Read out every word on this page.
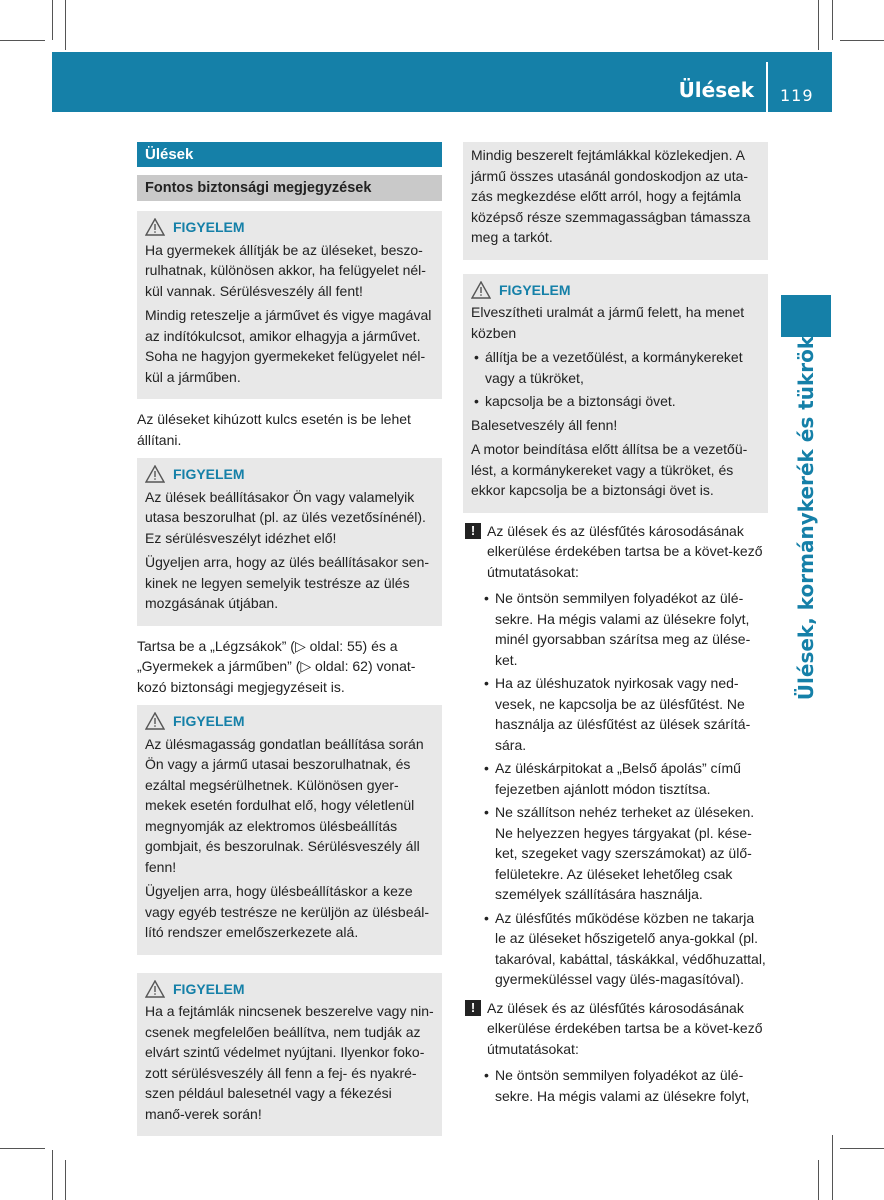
Ülések 119
Ülések, kormánykerék és tükrök
Ülések
Fontos biztonsági megjegyzések
FIGYELEM
Ha gyermekek állítják be az üléseket, beszo-rulhatnak, különösen akkor, ha felügyelet nél-kül vannak. Sérülésveszély áll fent!
Mindig reteszelje a járművet és vigye magával az indítókulcsot, amikor elhagyja a járművet. Soha ne hagyjon gyermekeket felügyelet nél-kül a járműben.
Az üléseket kihúzott kulcs esetén is be lehet állítani.
FIGYELEM
Az ülések beállításakor Ön vagy valamelyik utasa beszorulhat (pl. az ülés vezetősínénél). Ez sérülésveszélyt idézhet elő!
Ügyeljen arra, hogy az ülés beállításakor sen-kinek ne legyen semelyik testrésze az ülés mozgásának útjában.
Tartsa be a „Légzsákok” (▷ oldal: 55) és a „Gyermekek a járműben” (▷ oldal: 62) vonat-kozó biztonsági megjegyzéseit is.
FIGYELEM
Az ülésmagasság gondatlan beállítása során Ön vagy a jármű utasai beszorulhatnak, és ezáltal megsérülhetnek. Különösen gyer-mekek esetén fordulhat elő, hogy véletlenül megnyomják az elektromos ülésbeállítás gombjait, és beszorulnak. Sérülésveszély áll fenn!
Ügyeljen arra, hogy ülésbeállításkor a keze vagy egyéb testrésze ne kerüljön az ülésbeál-lító rendszer emelőszerkezete alá.
FIGYELEM
Ha a fejtámlák nincsenek beszerelve vagy nin-csenek megfelelően beállítva, nem tudják az elvárt szintű védelmet nyújtani. Ilyenkor foko-zott sérülésveszély áll fenn a fej- és nyakré-szen például balesetnél vagy a fékezési manő-verek során!
Mindig beszerelt fejtámlákkal közlekedjen. A jármű összes utasánál gondoskodjon az uta-zás megkezdése előtt arról, hogy a fejtámla középső része szemmagasságban támassza meg a tarkót.
FIGYELEM
Elveszítheti uralmát a jármű felett, ha menet közben
• állítja be a vezetőülést, a kormánykereket vagy a tükröket,
• kapcsolja be a biztonsági övet.
Balesetveszély áll fenn!
A motor beindítása előtt állítsa be a vezetőü-lést, a kormánykereket vagy a tükröket, és ekkor kapcsolja be a biztonsági övet is.
! Az ülések és az ülésfűtés károsodásának elkerülése érdekében tartsa be a követ-kező útmutatásokat:
• Ne öntsön semmilyen folyadékot az ülé-sekre. Ha mégis valami az ülésekre folyt, minél gyorsabban szárítsa meg az ülése-ket.
• Ha az üléshuzatok nyirkosak vagy ned-vesek, ne kapcsolja be az ülésfűtést. Ne használja az ülésfűtést az ülések szárítá-sára.
• Az üléskárpitokat a „Belső ápolás” című fejezetben ajánlott módon tisztítsa.
• Ne szállítson nehéz terheket az üléseken. Ne helyezzen hegyes tárgyakat (pl. kése-ket, szegeket vagy szerszámokat) az ülő-felületekre. Az üléseket lehetőleg csak személyek szállítására használja.
• Az ülésfűtés működése közben ne takarja le az üléseket hőszigetelő anya-gokkal (pl. takaróval, kabáttal, táskákkal, védőhuzattal, gyermeküléssel vagy ülés-magasítóval).
! Az ülések és az ülésfűtés károsodásának elkerülése érdekében tartsa be a követ-kező útmutatásokat:
• Ne öntsön semmilyen folyadékot az ülé-sekre. Ha mégis valami az ülésekre folyt,
